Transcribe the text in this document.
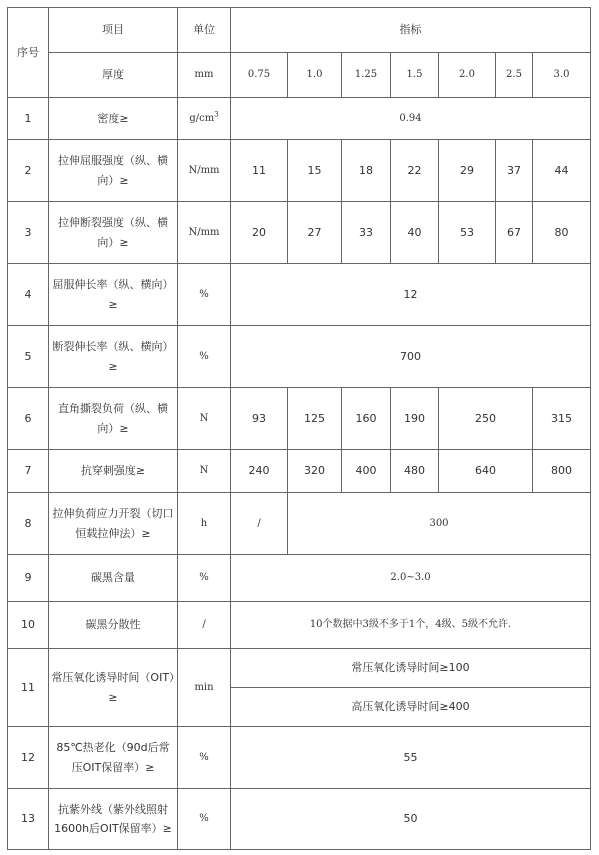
序号	项目	单位	指标							
	厚度	mm	0.75	1.0	1.25	1.5	2.0	2.5	3.0	
1	密度≥	$g/cm^3$	0.94							
2	拉伸屈服强度（纵、横向）≥	N/mm	11	15	18	22	29	37	44	
3	拉伸断裂强度（纵、横向）≥	N/mm	20	27	33	40	53	67	80	
4	屈服伸长率（纵、横向）≥	%	12							
5	断裂伸长率（纵、横向）≥	%	700							
6	直角撕裂负荷（纵、横向）≥	N	93	125	160	190	250		315	
7	抗穿刺强度≥	N	240	320	400	480	640		800	
8	拉伸负荷应力开裂（切口恒载拉伸法）≥	h	/	300						
9	碳黑含量	%	2.0~3.0							
10	碳黑分散性	/	10个数据中3级不多于1个，4级、5级不允许.							
11	常压氧化诱导时间（OIT）≥	min	常压氧化诱导时间≥100							
			高压氧化诱导时间≥400							
12	85℃热老化（90d后常压OIT保留率）≥	%	55							
13	抗紫外线（紫外线照射1600h后OIT保留率）≥	%	50							
